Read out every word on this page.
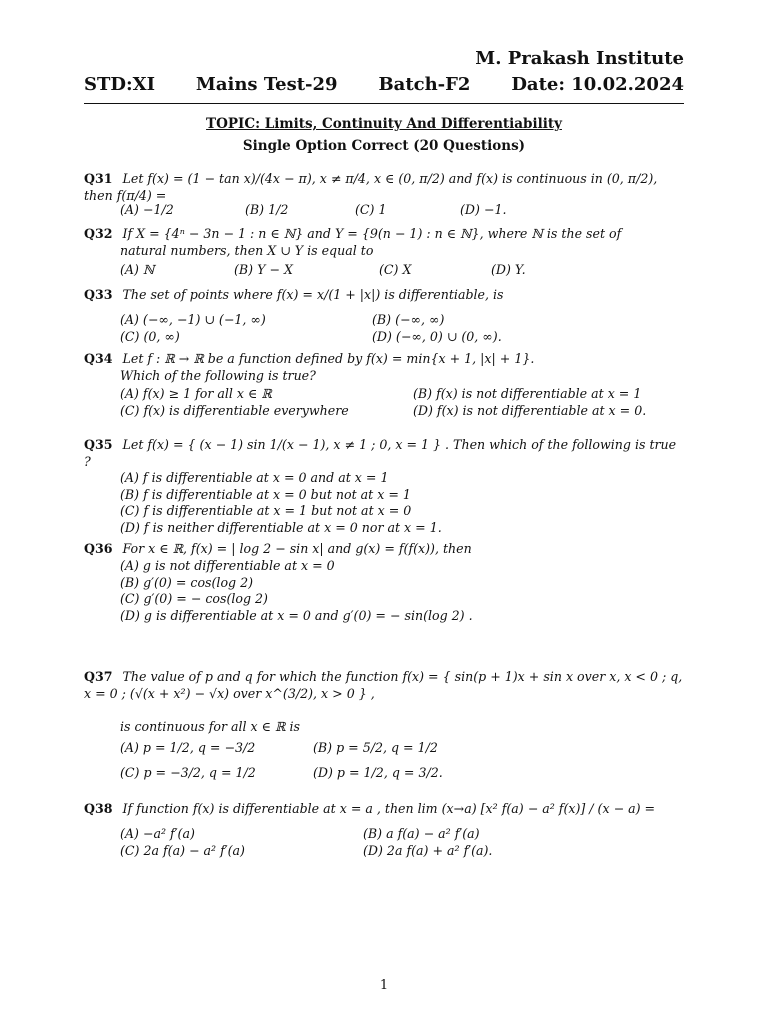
M. Prakash Institute
STD:XI Mains Test-29 Batch-F2 Date: 10.02.2024
TOPIC: Limits, Continuity And Differentiability
Single Option Correct (20 Questions)
Q31 Let f(x) = (1 − tan x)/(4x − π), x ≠ π/4, x ∈ (0, π/2) and f(x) is continuous in (0, π/2), then f(π/4) =
(A) −1/2	(B) 1/2	(C) 1	(D) −1.
Q32 If X = {4ⁿ − 3n − 1 : n ∈ ℕ} and Y = {9(n − 1) : n ∈ ℕ}, where ℕ is the set of
natural numbers, then X ∪ Y is equal to
(A) ℕ	(B) Y − X	(C) X	(D) Y.
Q33 The set of points where f(x) = x/(1 + |x|) is differentiable, is
(A) (−∞, −1) ∪ (−1, ∞)	(B) (−∞, ∞)
(C) (0, ∞)	(D) (−∞, 0) ∪ (0, ∞).
Q34 Let f : ℝ → ℝ be a function defined by f(x) = min{x + 1, |x| + 1}.
Which of the following is true?
(A) f(x) ≥ 1 for all x ∈ ℝ	(B) f(x) is not differentiable at x = 1
(C) f(x) is differentiable everywhere	(D) f(x) is not differentiable at x = 0.
Q35 Let f(x) = { (x − 1) sin 1/(x − 1), x ≠ 1 ; 0, x = 1 } . Then which of the following is true ?
(A) f is differentiable at x = 0 and at x = 1
(B) f is differentiable at x = 0 but not at x = 1
(C) f is differentiable at x = 1 but not at x = 0
(D) f is neither differentiable at x = 0 nor at x = 1.
Q36 For x ∈ ℝ, f(x) = | log 2 − sin x| and g(x) = f(f(x)), then
(A) g is not differentiable at x = 0
(B) g′(0) = cos(log 2)
(C) g′(0) = − cos(log 2)
(D) g is differentiable at x = 0 and g′(0) = − sin(log 2) .
Q37 The value of p and q for which the function f(x) = { sin(p + 1)x + sin x over x, x < 0 ; q, x = 0 ; (√(x + x²) − √x) over x^(3/2), x > 0 } ,
is continuous for all x ∈ ℝ is
(A) p = 1/2, q = −3/2	(B) p = 5/2, q = 1/2
(C) p = −3/2, q = 1/2	(D) p = 1/2, q = 3/2.
Q38 If function f(x) is differentiable at x = a , then lim (x→a) [x² f(a) − a² f(x)] / (x − a) =
(A) −a² f′(a)	(B) a f(a) − a² f′(a)
(C) 2a f(a) − a² f′(a)	(D) 2a f(a) + a² f′(a).
1
